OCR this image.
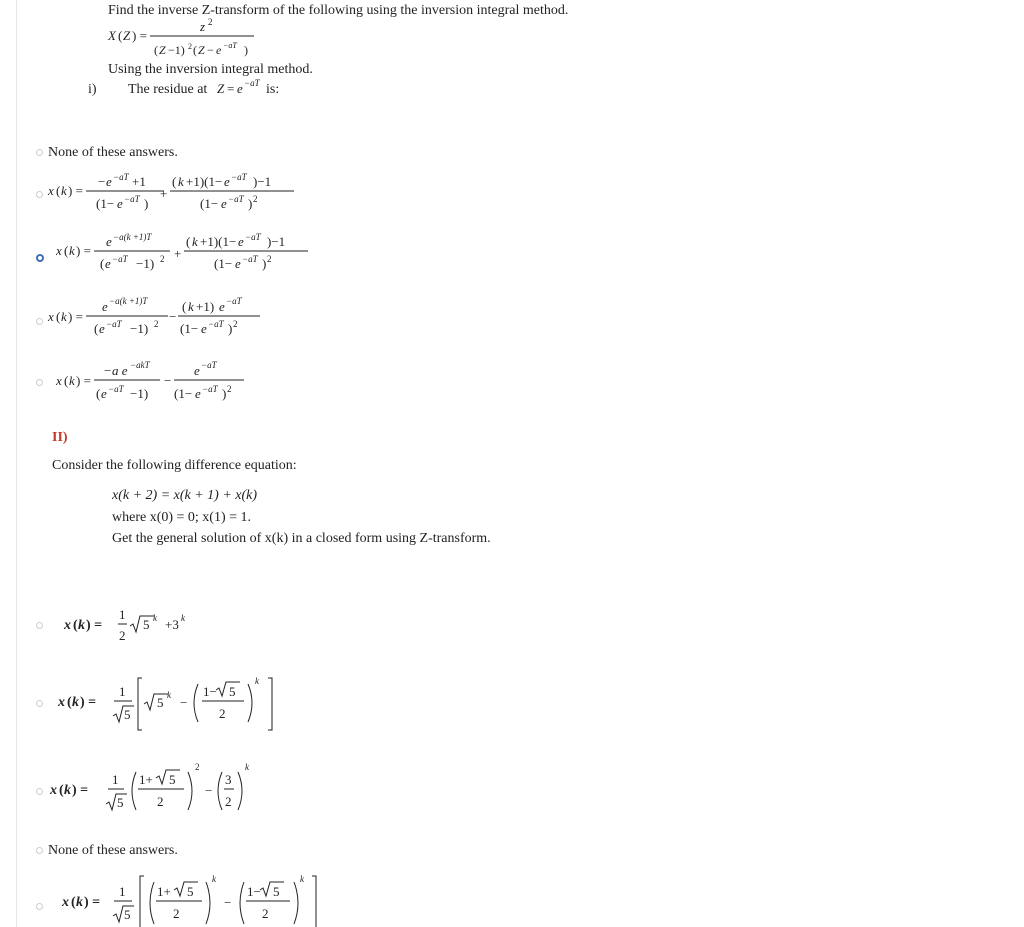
Find the inverse Z-transform of the following using the inversion integral method.
X ( Z ) =
z 2
( Z −1) 2 ( Z − e −aT )
Using the inversion integral method.
i) The residue at Z = e −aT is:
None of these answers.
x ( k ) =
− e −aT +1
(1− e −aT )
+
( k +1)(1− e −aT )−1
(1− e −aT ) 2
x ( k ) =
e −a(k +1)T
( e −aT −1) 2 +
( k +1)(1− e −aT )−1
(1− e −aT ) 2
x ( k ) =
e −a(k +1)T
( e −aT −1) 2 −
( k +1) e −aT
(1− e −aT ) 2
x ( k ) =
− a e −akT
( e −aT −1)
−
e −aT
(1− e −aT ) 2
II)
Consider the following difference equation:
x(k + 2) = x(k + 1) + x(k)
where x(0) = 0; x(1) = 1.
Get the general solution of x(k) in a closed form using Z-transform.
x ( k ) =
1
2
5 k +3 k
x ( k ) =
1
5
5 k −
1− 5
2
k
x ( k ) =
1
5
1+ 5
2
2
−
3
2
k
None of these answers.
x ( k ) =
1
5
1+ 5
2
k
−
1− 5
2
k
